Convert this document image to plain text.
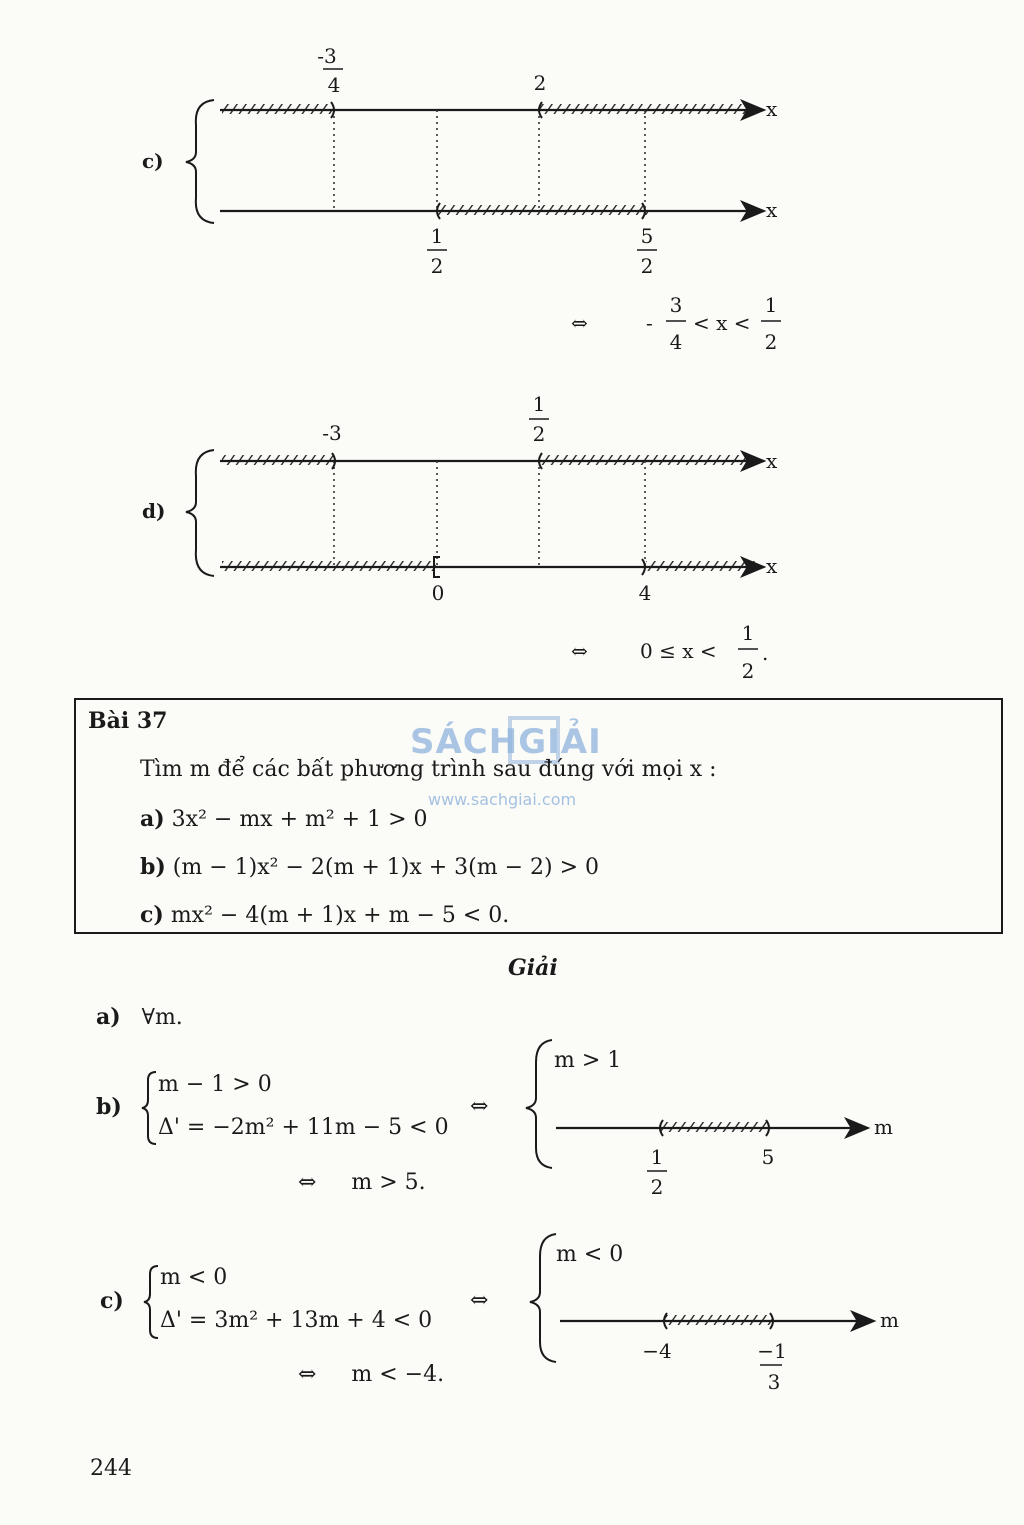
x
x
-3
4	2
1
2
5
2
c)
⇔	-
3
4
< x <
1
2
x
x
-3
1
2
0	4
d)
⇔	0 ≤ x <
1
2
.
SÁCHGIẢI
www.sachgiai.com
Bài 37
Tìm m để các bất phương trình sau đúng với mọi x :
a) 3x² − mx + m² + 1 > 0
b) (m − 1)x² − 2(m + 1)x + 3(m − 2) > 0
c) mx² − 4(m + 1)x + m − 5 < 0.
Giải
a) ∀m.
b)
m − 1 > 0
Δ' = −2m² + 11m − 5 < 0
⇔
m
1
2
5
m > 1
⇔     m > 5.
c)
m < 0
Δ' = 3m² + 13m + 4 < 0
⇔
m
−4	−1
3
m < 0
⇔     m < −4.
244
